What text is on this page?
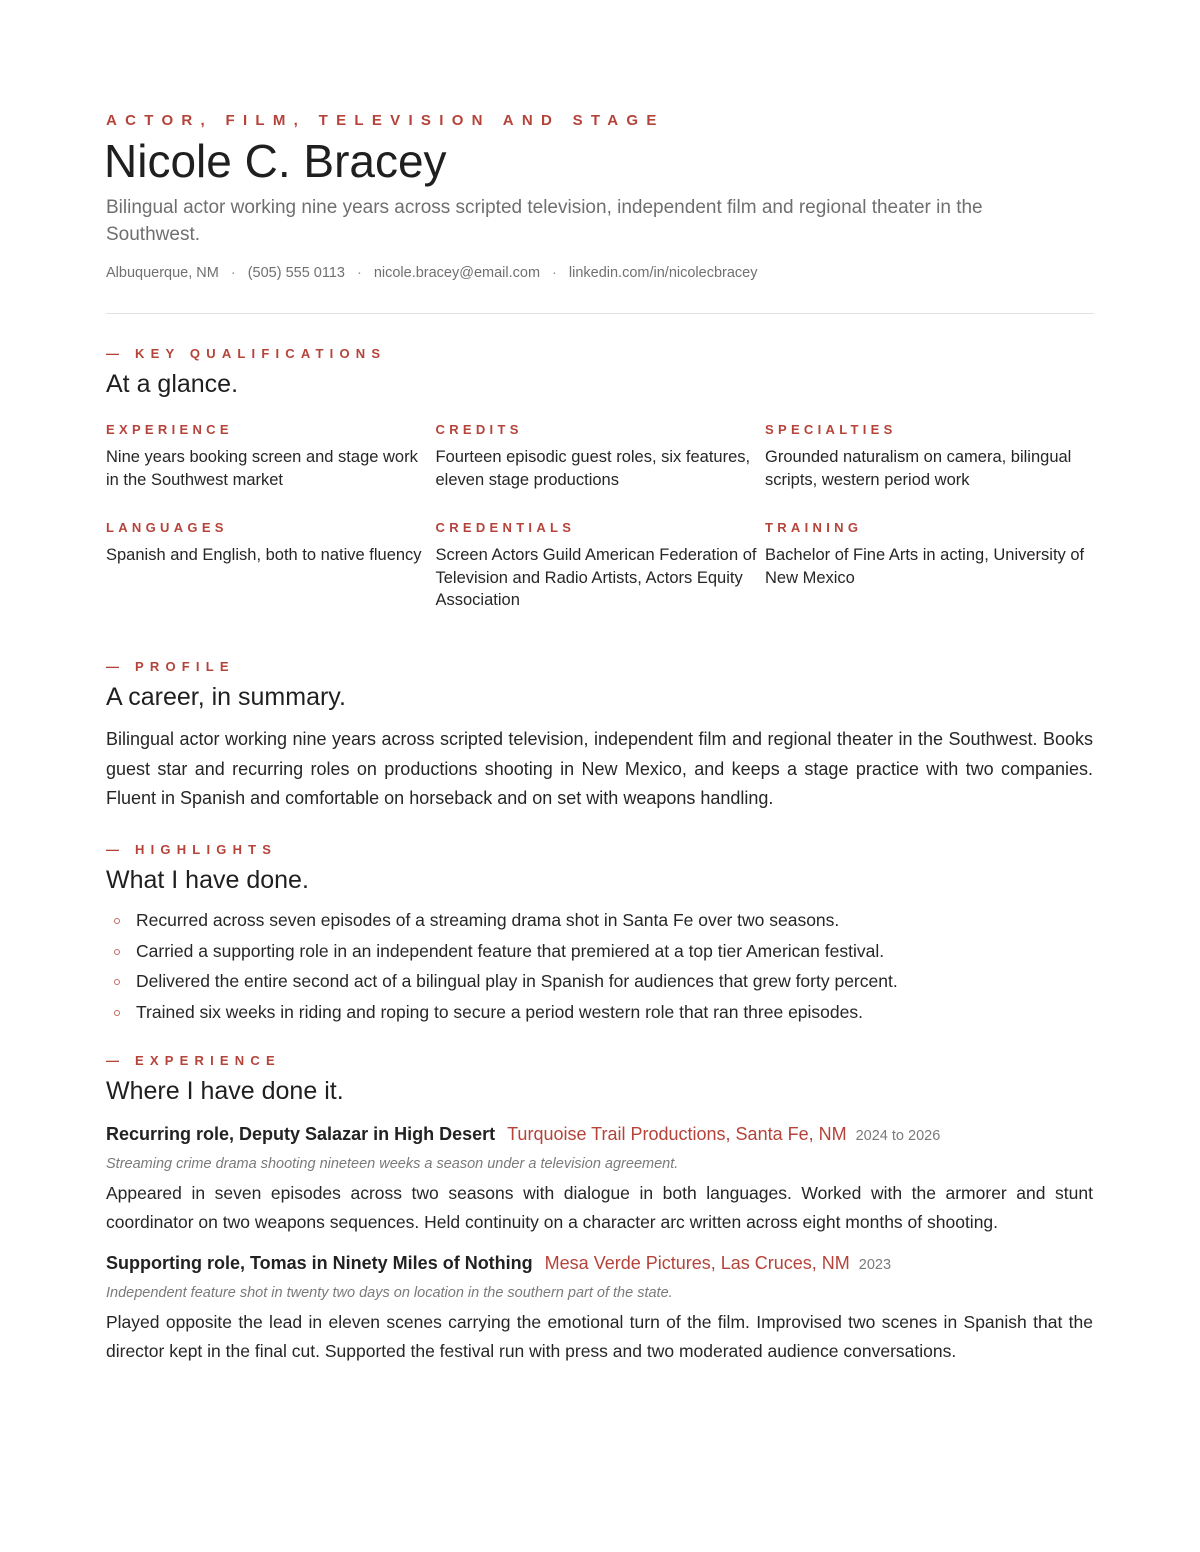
ACTOR, FILM, TELEVISION AND STAGE
Nicole C. Bracey
Bilingual actor working nine years across scripted television, independent film and regional theater in the Southwest.
Albuquerque, NM · (505) 555 0113 · nicole.bracey@email.com · linkedin.com/in/nicolecbracey
— KEY QUALIFICATIONS
At a glance.
EXPERIENCE
Nine years booking screen and stage work in the Southwest market
CREDITS
Fourteen episodic guest roles, six features, eleven stage productions
SPECIALTIES
Grounded naturalism on camera, bilingual scripts, western period work
LANGUAGES
Spanish and English, both to native fluency
CREDENTIALS
Screen Actors Guild American Federation of Television and Radio Artists, Actors Equity Association
TRAINING
Bachelor of Fine Arts in acting, University of New Mexico
— PROFILE
A career, in summary.
Bilingual actor working nine years across scripted television, independent film and regional theater in the Southwest. Books guest star and recurring roles on productions shooting in New Mexico, and keeps a stage practice with two companies. Fluent in Spanish and comfortable on horseback and on set with weapons handling.
— HIGHLIGHTS
What I have done.
Recurred across seven episodes of a streaming drama shot in Santa Fe over two seasons.
Carried a supporting role in an independent feature that premiered at a top tier American festival.
Delivered the entire second act of a bilingual play in Spanish for audiences that grew forty percent.
Trained six weeks in riding and roping to secure a period western role that ran three episodes.
— EXPERIENCE
Where I have done it.
Recurring role, Deputy Salazar in High Desert Turquoise Trail Productions, Santa Fe, NM 2024 to 2026
Streaming crime drama shooting nineteen weeks a season under a television agreement.
Appeared in seven episodes across two seasons with dialogue in both languages. Worked with the armorer and stunt coordinator on two weapons sequences. Held continuity on a character arc written across eight months of shooting.
Supporting role, Tomas in Ninety Miles of Nothing Mesa Verde Pictures, Las Cruces, NM 2023
Independent feature shot in twenty two days on location in the southern part of the state.
Played opposite the lead in eleven scenes carrying the emotional turn of the film. Improvised two scenes in Spanish that the director kept in the final cut. Supported the festival run with press and two moderated audience conversations.
